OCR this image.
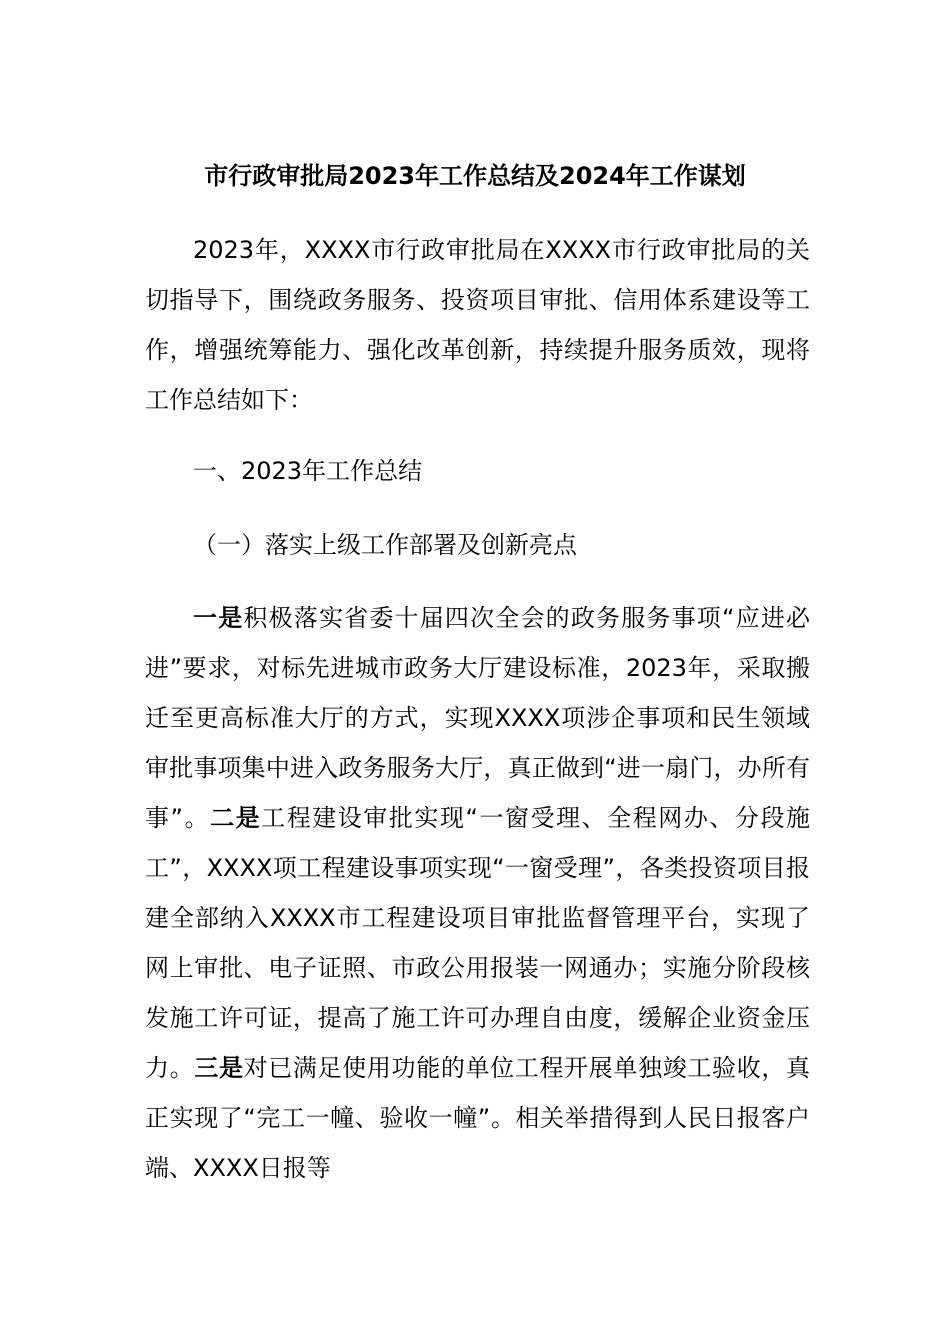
市行政审批局2023年工作总结及2024年工作谋划

2023年，XXXX市行政审批局在XXXX市行政审批局的关切指导下，围绕政务服务、投资项目审批、信用体系建设等工作，增强统筹能力、强化改革创新，持续提升服务质效，现将工作总结如下：

一、2023年工作总结

（一）落实上级工作部署及创新亮点

一是积极落实省委十届四次全会的政务服务事项“应进必进”要求，对标先进城市政务大厅建设标准，2023年，采取搬迁至更高标准大厅的方式，实现XXXX项涉企事项和民生领域审批事项集中进入政务服务大厅，真正做到“进一扇门，办所有事”。二是工程建设审批实现“一窗受理、全程网办、分段施工”，XXXX项工程建设事项实现“一窗受理”，各类投资项目报建全部纳入XXXX市工程建设项目审批监督管理平台，实现了网上审批、电子证照、市政公用报装一网通办；实施分阶段核发施工许可证，提高了施工许可办理自由度，缓解企业资金压力。三是对已满足使用功能的单位工程开展单独竣工验收，真正实现了“完工一幢、验收一幢”。相关举措得到人民日报客户端、XXXX日报等
